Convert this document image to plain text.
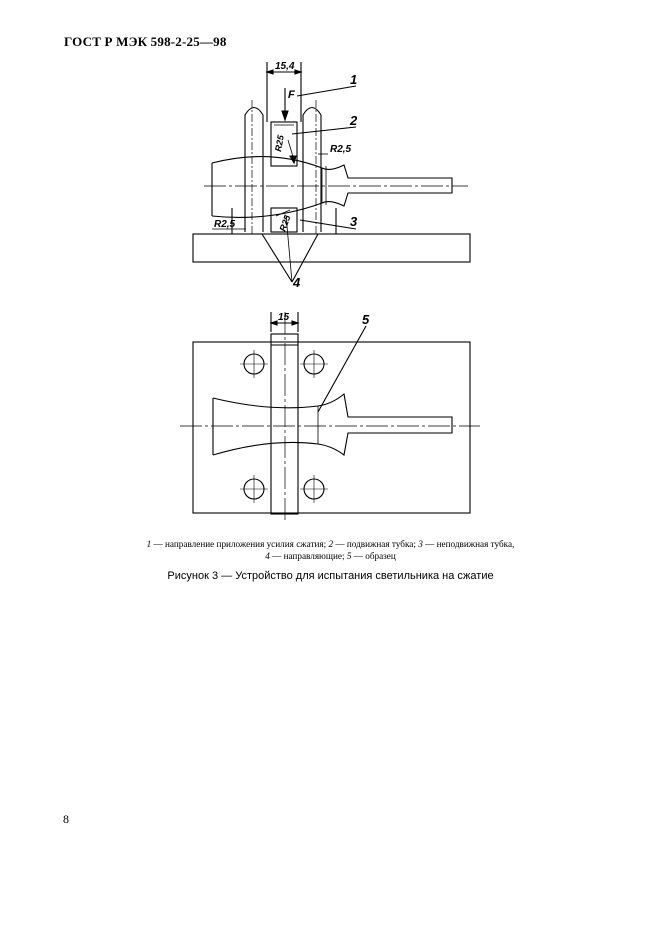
ГОСТ Р МЭК 598-2-25—98
15,4
F
1
R25
2
R2,5
R25	3
R2,5
4
15	5
1 — направление приложения усилия сжатия; 2 — подвижная тубка; 3 — неподвижная тубка,
4 — направляющие; 5 — образец
Рисунок 3 — Устройство для испытания светильника на сжатие
8
